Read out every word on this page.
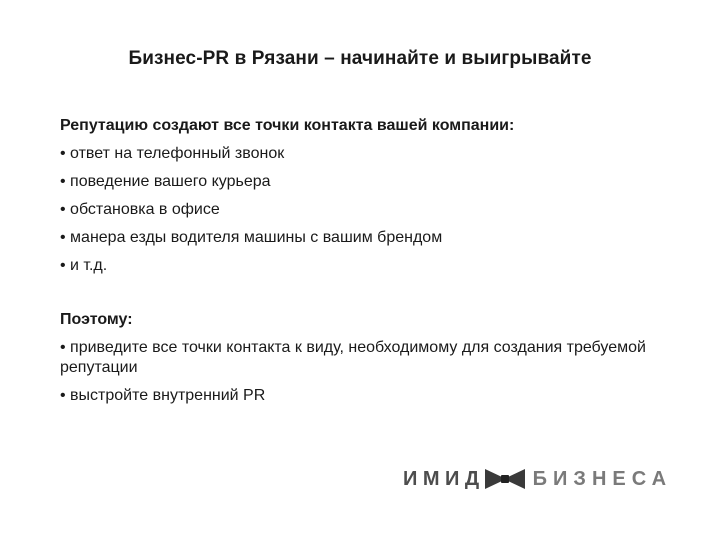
Бизнес-PR в Рязани – начинайте и выигрывайте
Репутацию создают все точки контакта вашей компании:
• ответ на телефонный звонок
• поведение вашего курьера
• обстановка в офисе
• манера езды водителя машины с вашим брендом
• и т.д.
Поэтому:
• приведите все точки контакта к виду, необходимому для создания требуемой репутации
• выстройте внутренний PR
ИМИД БИЗНЕСА
